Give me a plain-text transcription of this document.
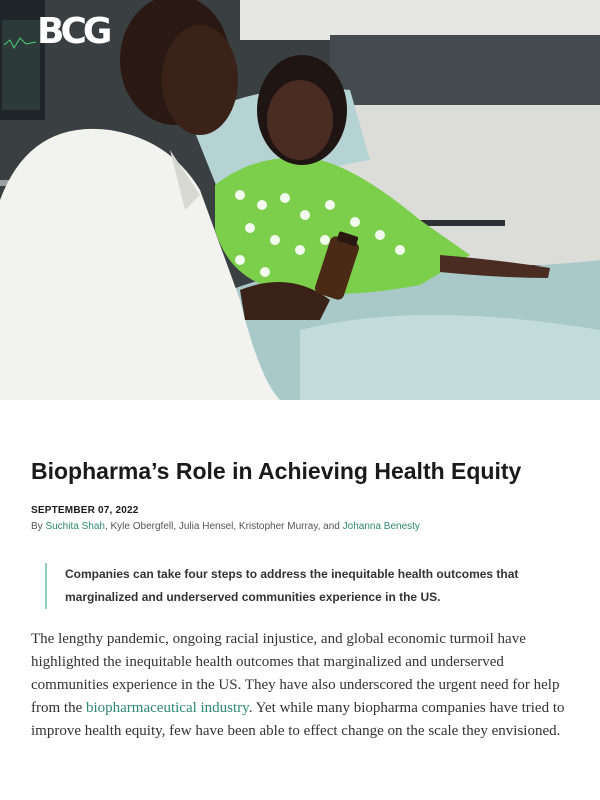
BCG
Biopharma’s Role in Achieving Health Equity
SEPTEMBER 07, 2022
By Suchita Shah, Kyle Obergfell, Julia Hensel, Kristopher Murray, and Johanna Benesty
Companies can take four steps to address the inequitable health outcomes that marginalized and underserved communities experience in the US.

The lengthy pandemic, ongoing racial injustice, and global economic turmoil have highlighted the inequitable health outcomes that marginalized and underserved communities experience in the US. They have also underscored the urgent need for help from the biopharmaceutical industry. Yet while many biopharma companies have tried to improve health equity, few have been able to effect change on the scale they envisioned.
